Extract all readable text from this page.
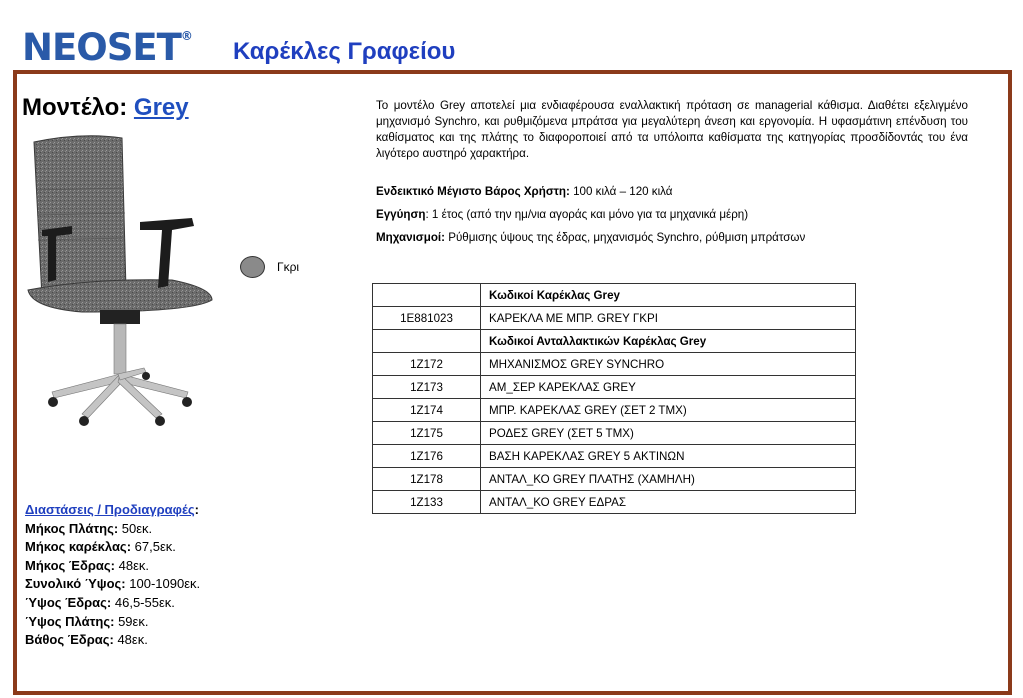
NEOSET®
Καρέκλες Γραφείου
Μοντέλο: Grey
Γκρι
Το μοντέλο Grey αποτελεί μια ενδιαφέρουσα εναλλακτική πρόταση σε managerial κάθισμα. Διαθέτει εξελιγμένο μηχανισμό Synchro, και ρυθμιζόμενα μπράτσα για μεγαλύτερη άνεση και εργονομία. Η υφασμάτινη επένδυση του καθίσματος και της πλάτης το διαφοροποιεί από τα υπόλοιπα καθίσματα της κατηγορίας προσδίδοντάς του ένα λιγότερο αυστηρό χαρακτήρα.
Ενδεικτικό Μέγιστο Βάρος Χρήστη: 100 κιλά – 120 κιλά
Εγγύηση: 1 έτος (από την ημ/νια αγοράς και μόνο για τα μηχανικά μέρη)
Μηχανισμοί: Ρύθμισης ύψους της έδρας, μηχανισμός Synchro, ρύθμιση μπράτσων
	Κωδικοί Καρέκλας Grey
1E881023	ΚΑΡΕΚΛΑ ΜΕ ΜΠΡ. GREY ΓΚΡΙ
	Κωδικοί Ανταλλακτικών Καρέκλας Grey
1Z172	ΜΗΧΑΝΙΣΜΟΣ GREY SYNCHRO
1Z173	ΑΜ_ΣΕΡ ΚΑΡΕΚΛΑΣ GREY
1Z174	ΜΠΡ. ΚΑΡΕΚΛΑΣ GREY (ΣΕΤ 2 ΤΜΧ)
1Z175	ΡΟΔΕΣ GREY (ΣΕΤ 5 ΤΜΧ)
1Z176	ΒΑΣΗ ΚΑΡΕΚΛΑΣ GREY 5 ΑΚΤΙΝΩΝ
1Z178	ΑΝΤΑΛ_ΚΟ GREY ΠΛΑΤΗΣ (ΧΑΜΗΛΗ)
1Z133	ΑΝΤΑΛ_ΚΟ GREY ΕΔΡΑΣ
Διαστάσεις / Προδιαγραφές:
Μήκος Πλάτης: 50εκ.
Μήκος καρέκλας: 67,5εκ.
Μήκος Έδρας: 48εκ.
Συνολικό Ύψος: 100-1090εκ.
Ύψος Έδρας: 46,5-55εκ.
Ύψος Πλάτης: 59εκ.
Βάθος Έδρας: 48εκ.
